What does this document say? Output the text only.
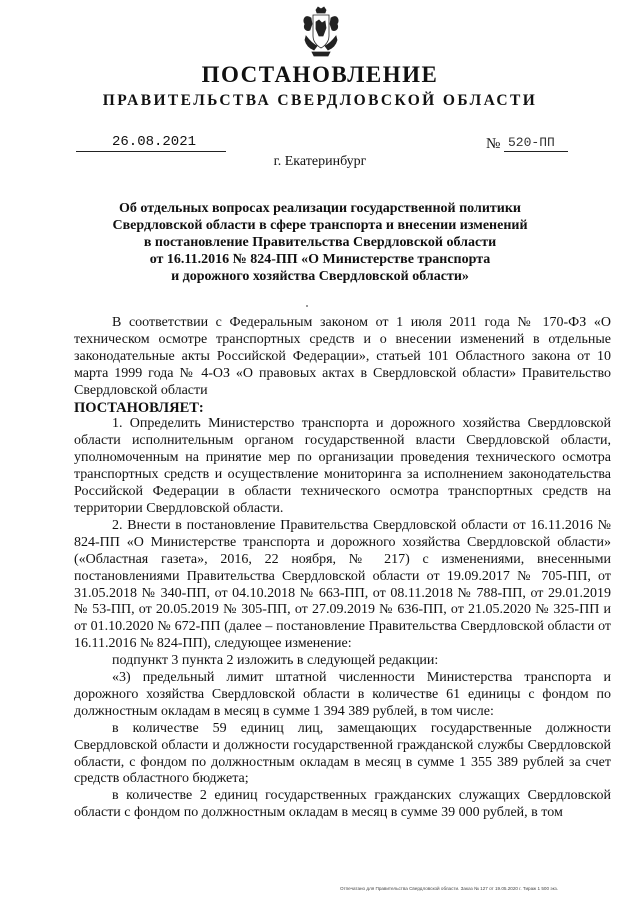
ПОСТАНОВЛЕНИЕ
ПРАВИТЕЛЬСТВА СВЕРДЛОВСКОЙ ОБЛАСТИ
26.08.2021	№ 520-ПП
г. Екатеринбург
Об отдельных вопросах реализации государственной политики
Свердловской области в сфере транспорта и внесении изменений
в постановление Правительства Свердловской области
от 16.11.2016 № 824-ПП «О Министерстве транспорта
и дорожного хозяйства Свердловской области»

В соответствии с Федеральным законом от 1 июля 2011 года № 170-ФЗ «О техническом осмотре транспортных средств и о внесении изменений в отдельные законодательные акты Российской Федерации», статьей 101 Областного закона от 10 марта 1999 года № 4-ОЗ «О правовых актах в Свердловской области» Правительство Свердловской области

ПОСТАНОВЛЯЕТ:

1. Определить Министерство транспорта и дорожного хозяйства Свердловской области исполнительным органом государственной власти Свердловской области, уполномоченным на принятие мер по организации проведения технического осмотра транспортных средств и осуществление мониторинга за исполнением законодательства Российской Федерации в области технического осмотра транспортных средств на территории Свердловской области.

2. Внести в постановление Правительства Свердловской области от 16.11.2016 № 824-ПП «О Министерстве транспорта и дорожного хозяйства Свердловской области» («Областная газета», 2016, 22 ноября, № 217) с изменениями, внесенными постановлениями Правительства Свердловской области от 19.09.2017 № 705-ПП, от 31.05.2018 № 340-ПП, от 04.10.2018 № 663-ПП, от 08.11.2018 № 788-ПП, от 29.01.2019 № 53-ПП, от 20.05.2019 № 305-ПП, от 27.09.2019 № 636-ПП, от 21.05.2020 № 325-ПП и от 01.10.2020 № 672-ПП (далее – постановление Правительства Свердловской области от 16.11.2016 № 824-ПП), следующее изменение:

подпункт 3 пункта 2 изложить в следующей редакции:

«3) предельный лимит штатной численности Министерства транспорта и дорожного хозяйства Свердловской области в количестве 61 единицы с фондом по должностным окладам в месяц в сумме 1 394 389 рублей, в том числе:

в количестве 59 единиц лиц, замещающих государственные должности Свердловской области и должности государственной гражданской службы Свердловской области, с фондом по должностным окладам в месяц в сумме 1 355 389 рублей за счет средств областного бюджета;

в количестве 2 единиц государственных гражданских служащих Свердловской области с фондом по должностным окладам в месяц в сумме 39 000 рублей, в том

Отпечатано для Правительства Свердловской области. Заказ № 127 от 19.05.2020 г. Тираж 1 500 экз.
